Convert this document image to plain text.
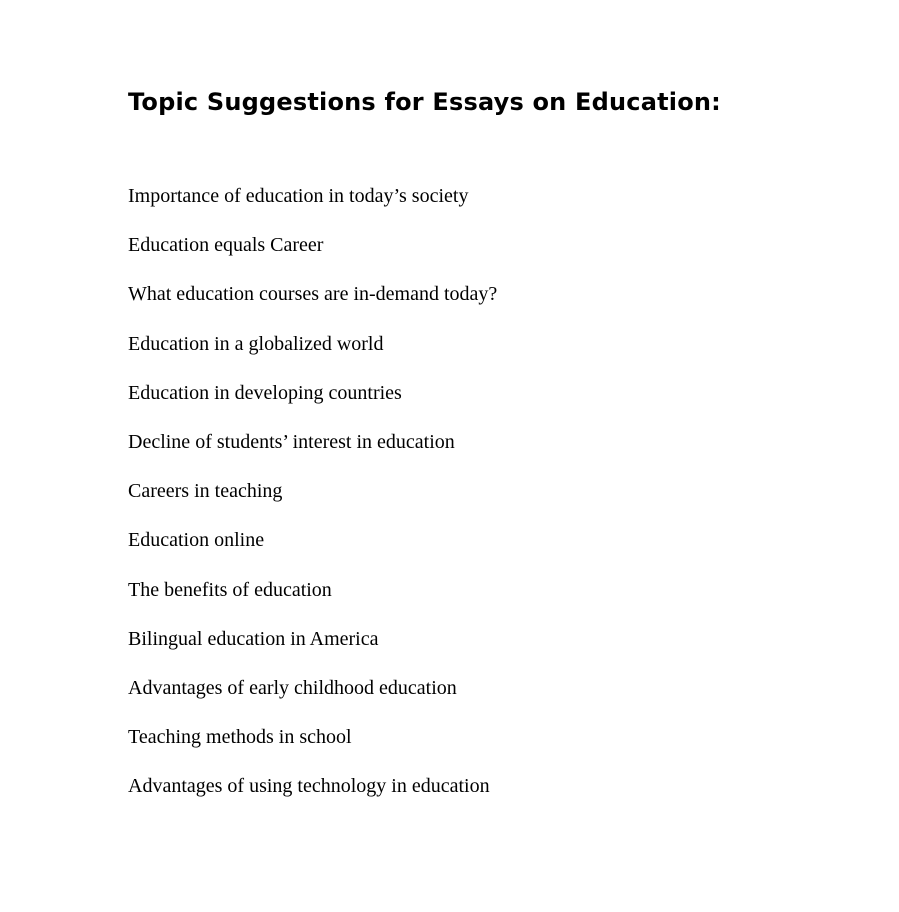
Topic Suggestions for Essays on Education:
Importance of education in today’s society
Education equals Career
What education courses are in-demand today?
Education in a globalized world
Education in developing countries
Decline of students’ interest in education
Careers in teaching
Education online
The benefits of education
Bilingual education in America
Advantages of early childhood education
Teaching methods in school
Advantages of using technology in education
